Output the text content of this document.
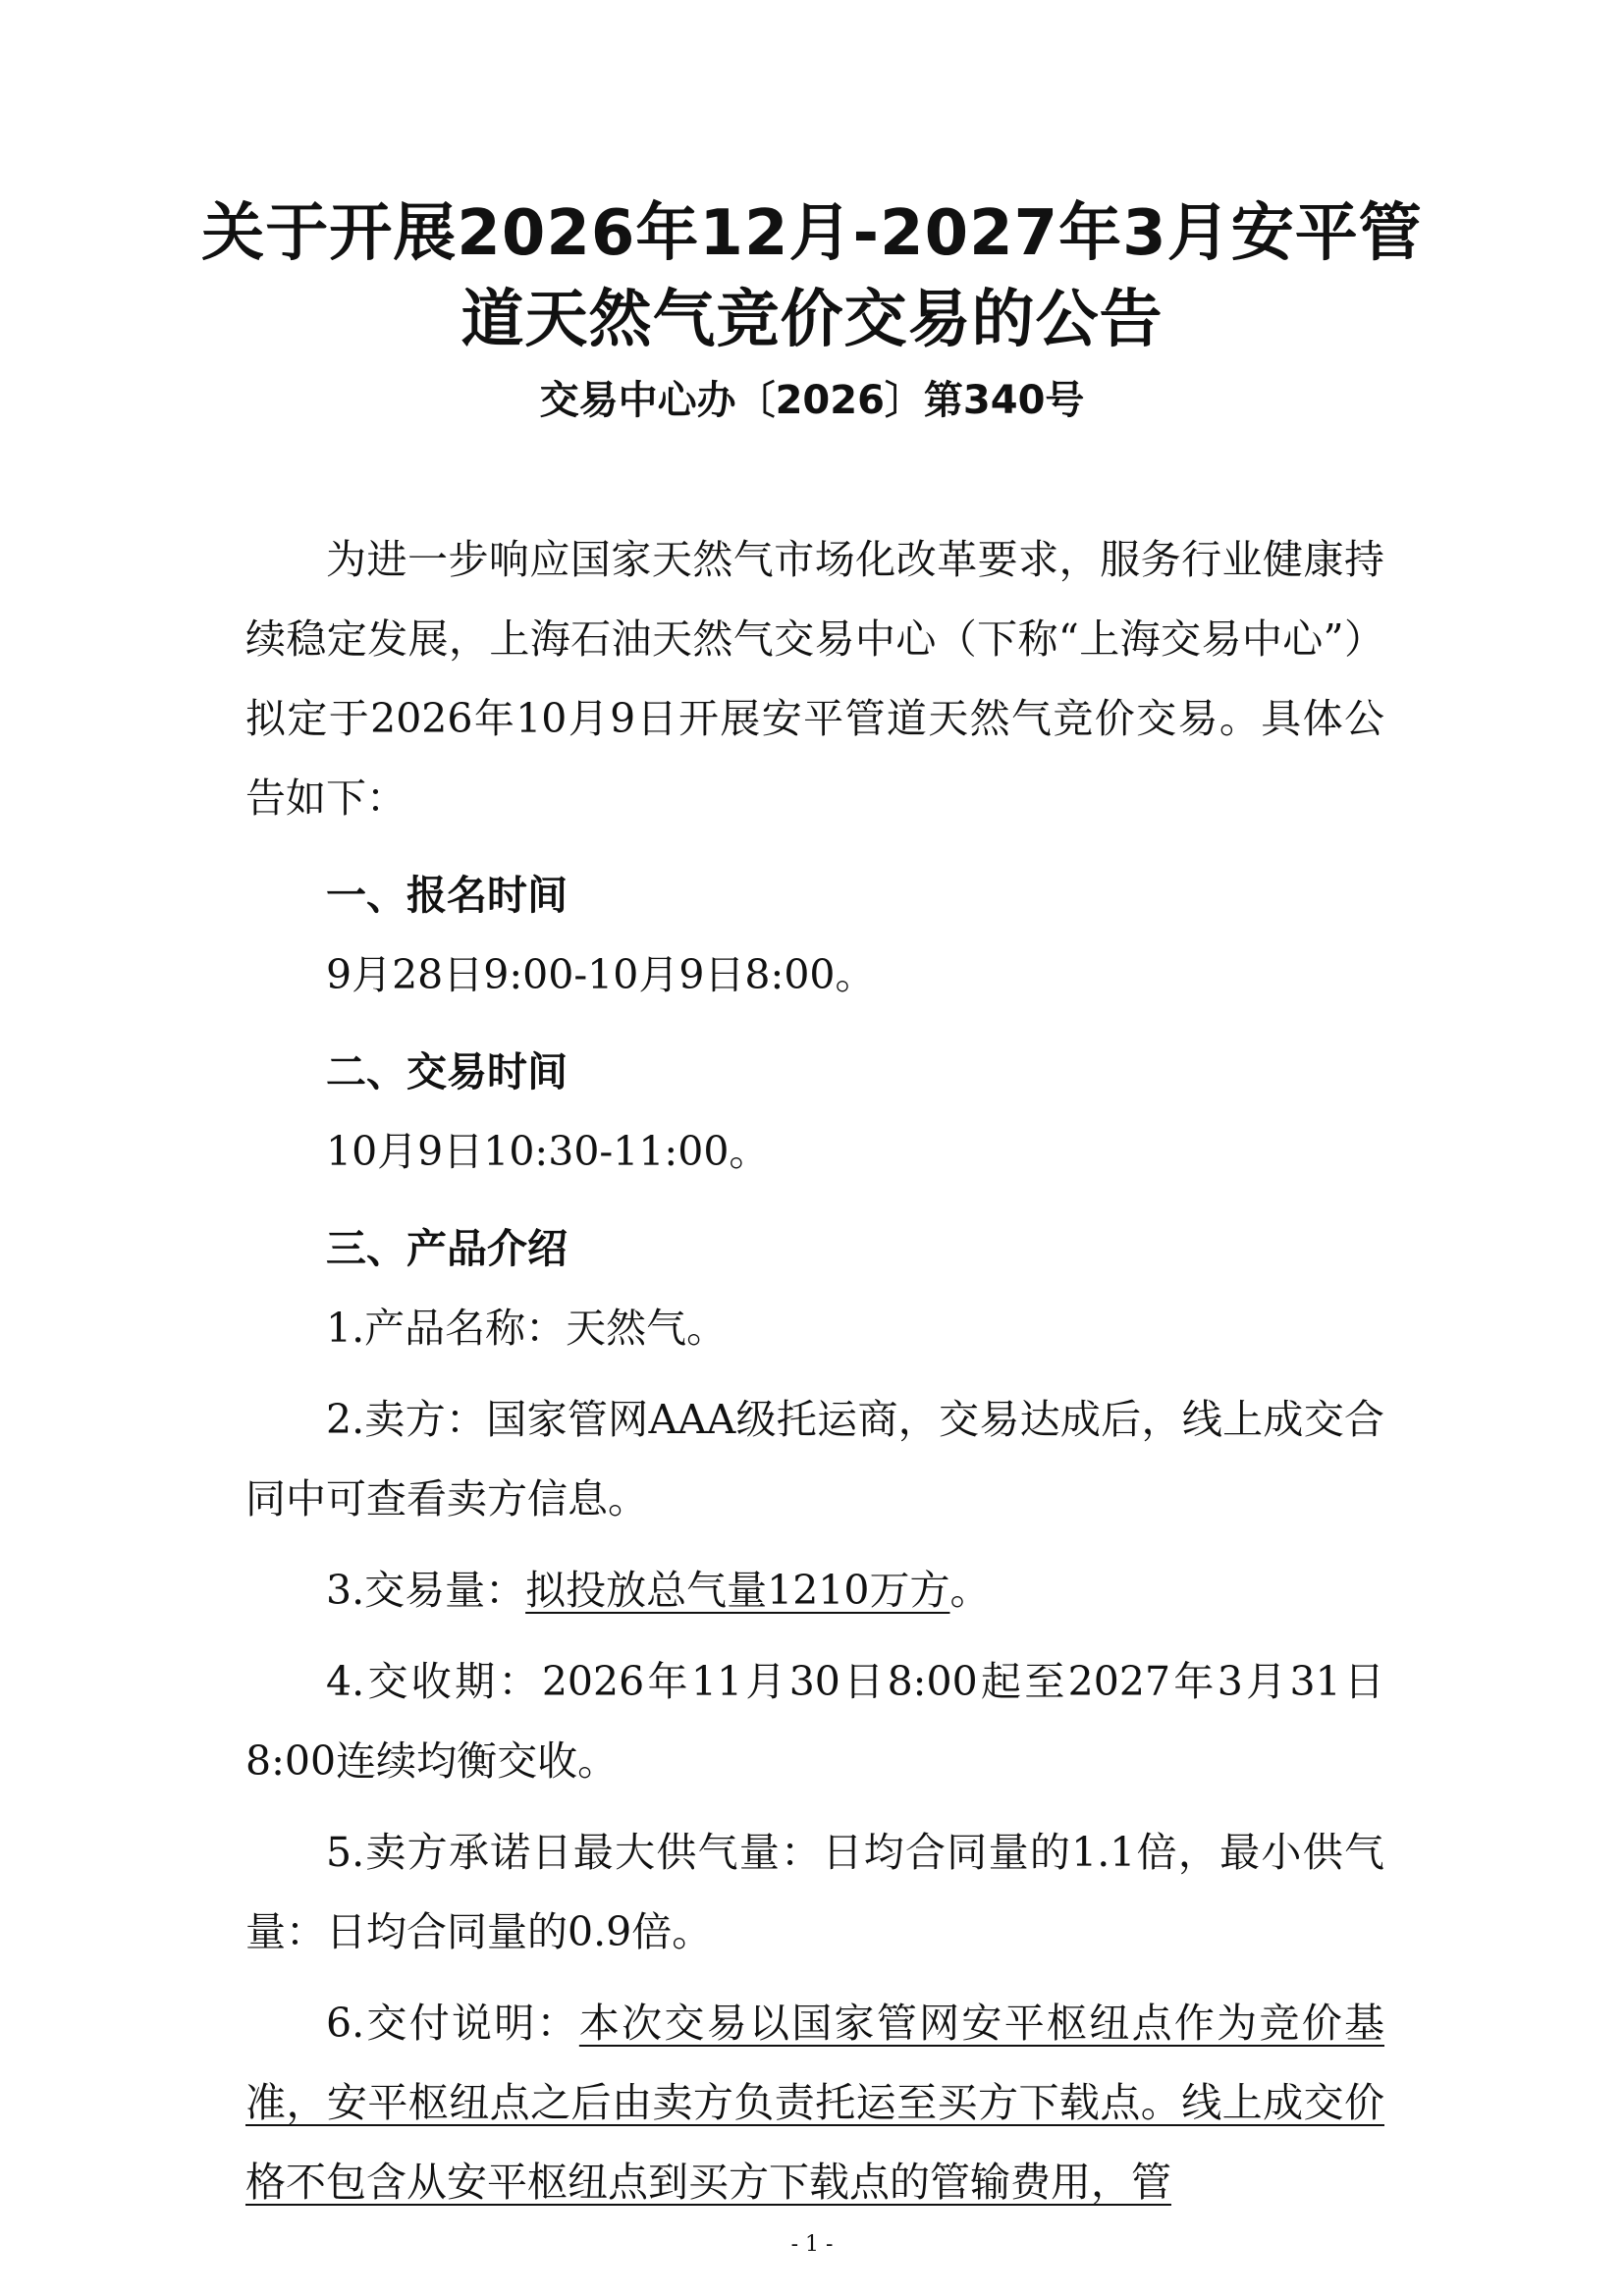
关于开展2026年12月-2027年3月安平管
道天然气竞价交易的公告

交易中心办〔2026〕第340号

为进一步响应国家天然气市场化改革要求，服务行业健康持续稳定发展，上海石油天然气交易中心（下称“上海交易中心”）拟定于2026年10月9日开展安平管道天然气竞价交易。具体公告如下：

一、报名时间

9月28日9:00-10月9日8:00。

二、交易时间

10月9日10:30-11:00。

三、产品介绍

1.产品名称：天然气。

2.卖方：国家管网AAA级托运商，交易达成后，线上成交合同中可查看卖方信息。

3.交易量：拟投放总气量1210万方。

4.交收期：2026年11月30日8:00起至2027年3月31日8:00连续均衡交收。

5.卖方承诺日最大供气量：日均合同量的1.1倍，最小供气量：日均合同量的0.9倍。

6.交付说明：本次交易以国家管网安平枢纽点作为竞价基准，安平枢纽点之后由卖方负责托运至买方下载点。线上成交价格不包含从安平枢纽点到买方下载点的管输费用，管

- 1 -
